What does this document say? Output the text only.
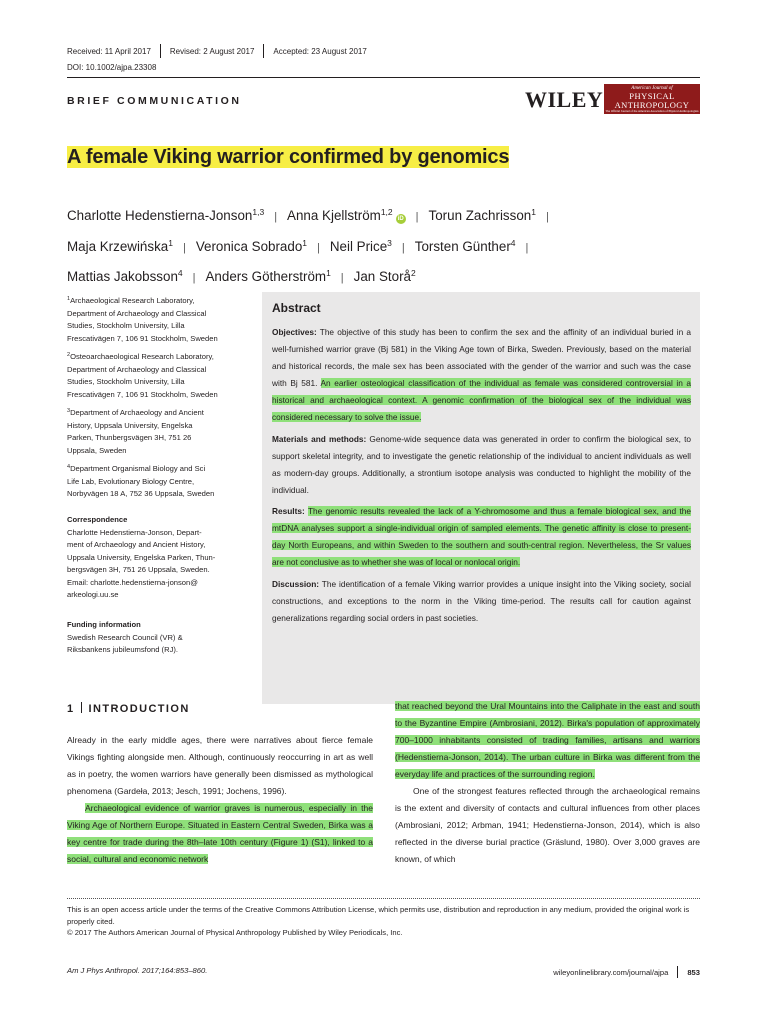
Received: 11 April 2017 Revised: 2 August 2017 Accepted: 23 August 2017
DOI: 10.1002/ajpa.23308
BRIEF COMMUNICATION	WILEY	American Journal of
PHYSICAL
ANTHROPOLOGY
The Official Journal of the American Association of Physical Anthropologists
A female Viking warrior confirmed by genomics
Charlotte Hedenstierna-Jonson$^{1,3}$ | Anna Kjellström$^{1,2}$iD | Torun Zachrisson$^1$ |
Maja Krzewińska$^1$ | Veronica Sobrado$^1$ | Neil Price$^3$ | Torsten Günther$^4$ |
Mattias Jakobsson$^4$ | Anders Götherström$^1$ | Jan Storå$^2$
$^1$Archaeological Research Laboratory,
Department of Archaeology and Classical
Studies, Stockholm University, Lilla
Frescativägen 7, 106 91 Stockholm, Sweden
$^2$Osteoarchaeological Research Laboratory,
Department of Archaeology and Classical
Studies, Stockholm University, Lilla
Frescativägen 7, 106 91 Stockholm, Sweden
$^3$Department of Archaeology and Ancient
History, Uppsala University, Engelska
Parken, Thunbergsvägen 3H, 751 26
Uppsala, Sweden
$^4$Department Organismal Biology and Sci
Life Lab, Evolutionary Biology Centre,
Norbyvägen 18 A, 752 36 Uppsala, Sweden
Correspondence
Charlotte Hedenstierna-Jonson, Depart-
ment of Archaeology and Ancient History,
Uppsala University, Engelska Parken, Thun-
bergsvägen 3H, 751 26 Uppsala, Sweden.
Email: charlotte.hedenstierna-jonson@
arkeologi.uu.se
Funding information
Swedish Research Council (VR) &
Riksbankens jubileumsfond (RJ).
Abstract

Objectives: The objective of this study has been to confirm the sex and the affinity of an individual buried in a well-furnished warrior grave (Bj 581) in the Viking Age town of Birka, Sweden. Previously, based on the material and historical records, the male sex has been associated with the gender of the warrior and such was the case with Bj 581. An earlier osteological classification of the individual as female was considered controversial in a historical and archaeological context. A genomic confirmation of the biological sex of the individual was considered necessary to solve the issue.

Materials and methods: Genome-wide sequence data was generated in order to confirm the biological sex, to support skeletal integrity, and to investigate the genetic relationship of the individual to ancient individuals as well as modern-day groups. Additionally, a strontium isotope analysis was conducted to highlight the mobility of the individual.

Results: The genomic results revealed the lack of a Y-chromosome and thus a female biological sex, and the mtDNA analyses support a single-individual origin of sampled elements. The genetic affinity is close to present-day North Europeans, and within Sweden to the southern and south-central region. Nevertheless, the Sr values are not conclusive as to whether she was of local or nonlocal origin.

Discussion: The identification of a female Viking warrior provides a unique insight into the Viking society, social constructions, and exceptions to the norm in the Viking time-period. The results call for caution against generalizations regarding social orders in past societies.

1 INTRODUCTION

Already in the early middle ages, there were narratives about fierce female Vikings fighting alongside men. Although, continuously reoccurring in art as well as in poetry, the women warriors have generally been dismissed as mythological phenomena (Gardeła, 2013; Jesch, 1991; Jochens, 1996).

Archaeological evidence of warrior graves is numerous, especially in the Viking Age of Northern Europe. Situated in Eastern Central Sweden, Birka was a key centre for trade during the 8th–late 10th century (Figure 1) (S1), linked to a social, cultural and economic network

that reached beyond the Ural Mountains into the Caliphate in the east and south to the Byzantine Empire (Ambrosiani, 2012). Birka's population of approximately 700–1000 inhabitants consisted of trading families, artisans and warriors (Hedenstierna-Jonson, 2014). The urban culture in Birka was different from the everyday life and practices of the surrounding region.

One of the strongest features reflected through the archaeological remains is the extent and diversity of contacts and cultural influences from other places (Ambrosiani, 2012; Arbman, 1941; Hedenstierna-Jonson, 2014), which is also reflected in the diverse burial practice (Gräslund, 1980). Over 3,000 graves are known, of which

This is an open access article under the terms of the Creative Commons Attribution License, which permits use, distribution and reproduction in any medium, provided the original work is properly cited.
© 2017 The Authors American Journal of Physical Anthropology Published by Wiley Periodicals, Inc.
Am J Phys Anthropol. 2017;164:853–860.	wileyonlinelibrary.com/journal/ajpa	853
